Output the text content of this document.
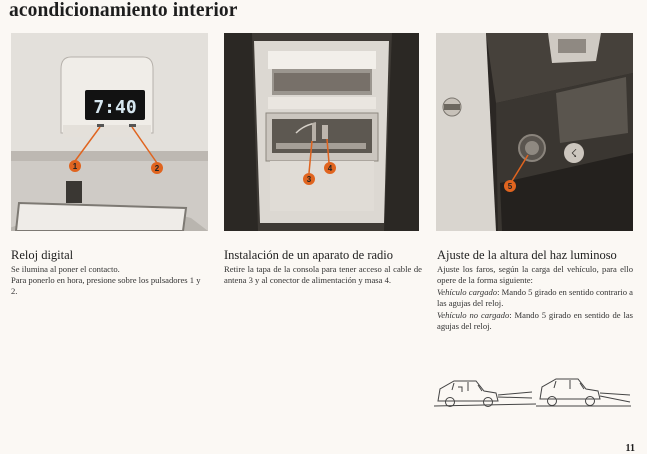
acondicionamiento interior
7:40
1	2
3
4
☇
5
Reloj digital

Se ilumina al poner el contacto.

Para ponerlo en hora, presione sobre los pulsadores 1 y 2.

Instalación de un aparato de radio

Retire la tapa de la consola para tener acceso al cable de antena 3 y al conector de alimentación y masa 4.

Ajuste de la altura del haz luminoso

Ajuste los faros, según la carga del vehículo, para ello opere de la forma siguiente:

Vehículo cargado: Mando 5 girado en sentido contrario a las agujas del reloj.

Vehículo no cargado: Mando 5 girado en sentido de las agujas del reloj.

11
